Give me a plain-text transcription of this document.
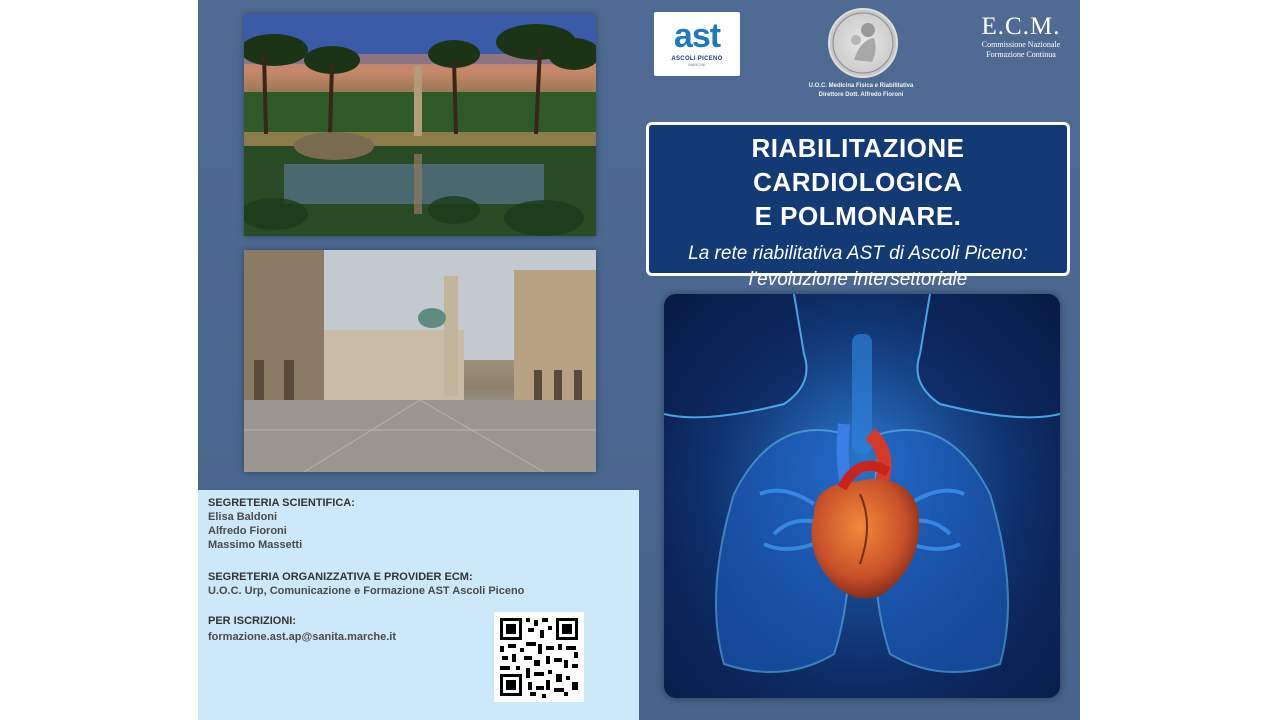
ast
ASCOLI PICENO
MARCHE
U.O.C. Medicina Fisica e Riabilitativa
Direttore Dott. Alfredo Fioroni
E.C.M.
Commissione Nazionale
Formazione Continua
RIABILITAZIONE CARDIOLOGICA
E POLMONARE.
La rete riabilitativa AST di Ascoli Piceno:
l’evoluzione intersettoriale
SEGRETERIA SCIENTIFICA:
Elisa Baldoni
Alfredo Fioroni
Massimo Massetti
SEGRETERIA ORGANIZZATIVA E PROVIDER ECM:
U.O.C. Urp, Comunicazione e Formazione AST Ascoli Piceno
PER ISCRIZIONI:
formazione.ast.ap@sanita.marche.it
